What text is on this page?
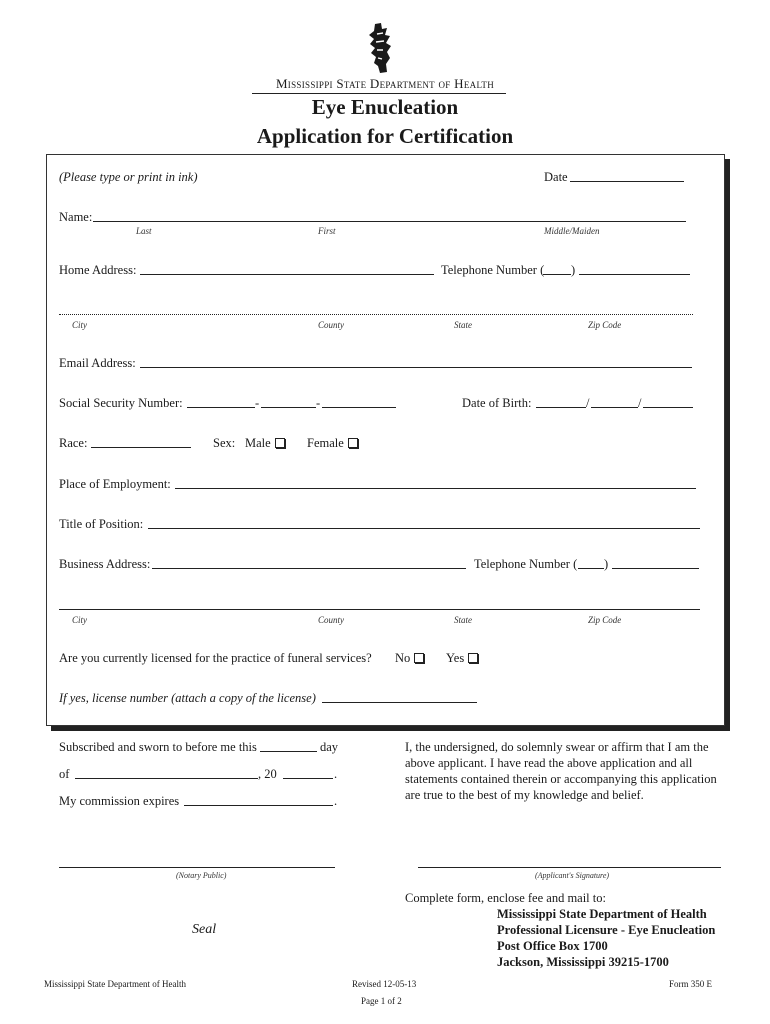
Mississippi State Department of Health
Eye Enucleation
Application for Certification
(Please type or print in ink)	Date
Name:
Last	First	Middle/Maiden
Home Address:	Telephone Number ( )
City	County	State	Zip Code
Email Address:
Social Security Number:	-	-	Date of Birth:	/	/
Race:	Sex: Male	Female
Place of Employment:
Title of Position:
Business Address:	Telephone Number ( )
City	County	State	Zip Code
Are you currently licensed for the practice of funeral services? No	Yes
If yes, license number (attach a copy of the license)
Subscribed and sworn to before me this	day
of	, 20	.
My commission expires	.
(Notary Public)
Seal
I, the undersigned, do solemnly swear or affirm that I am the
above applicant. I have read the above application and all
statements contained therein or accompanying this application
are true to the best of my knowledge and belief.
(Applicant's Signature)
Complete form, enclose fee and mail to:
Mississippi State Department of Health
Professional Licensure - Eye Enucleation
Post Office Box 1700
Jackson, Mississippi 39215-1700
Mississippi State Department of Health	Revised 12-05-13	Form 350 E
Page 1 of 2
